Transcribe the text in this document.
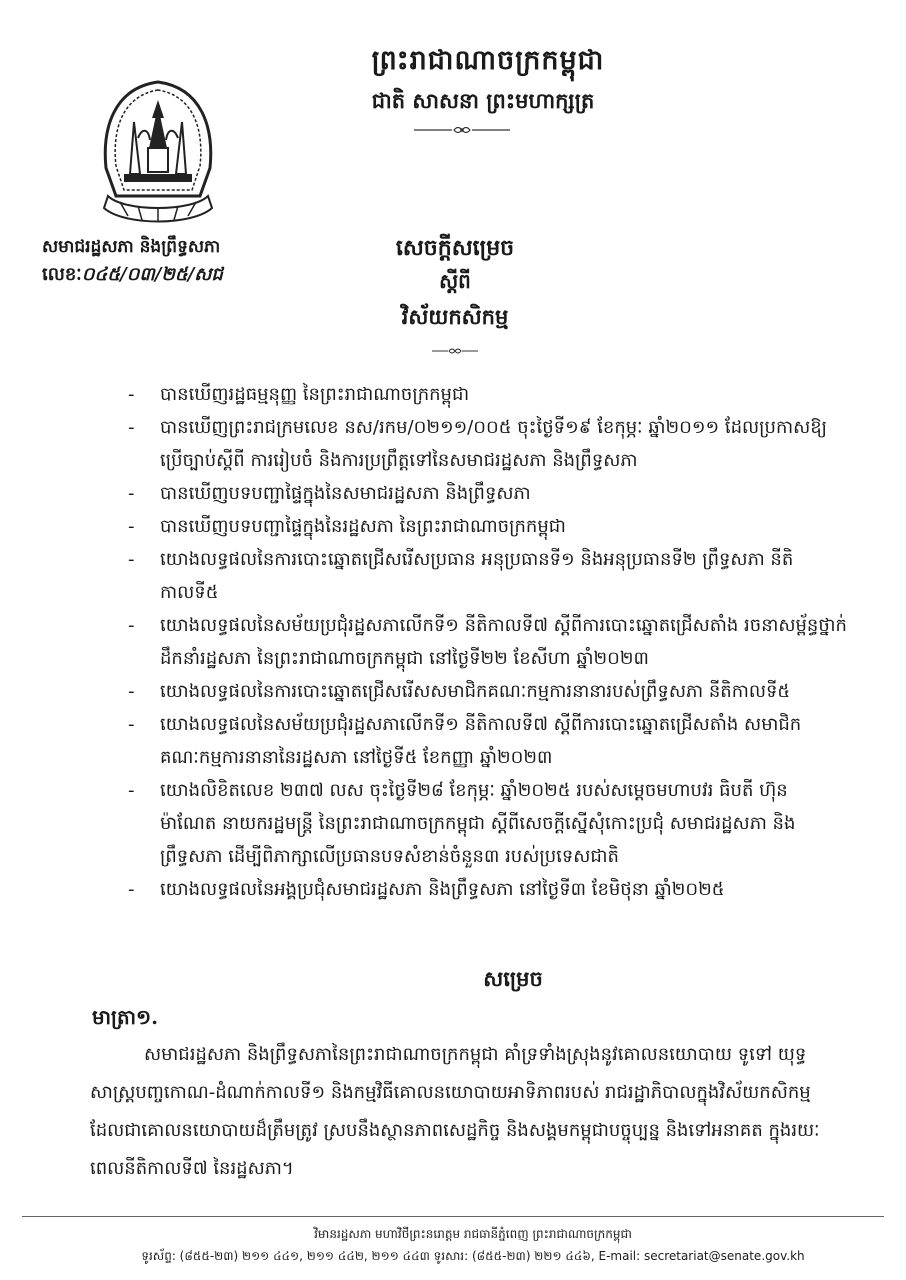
ព្រះរាជាណាចក្រកម្ពុជា
ជាតិ សាសនា ព្រះមហាក្សត្រ
សមាជរដ្ឋសភា និងព្រឹទ្ធសភា
លេខៈ០៤៥/០៣/២៥/សជ
សេចក្ដីសម្រេច
ស្ដីពី
វិស័យកសិកម្ម
- បានឃើញរដ្ឋធម្មនុញ្ញ នៃព្រះរាជាណាចក្រកម្ពុជា
- បានឃើញព្រះរាជក្រមលេខ នស/រកម/០២១១/០០៥ ចុះថ្ងៃទី១៩ ខែកុម្ភៈ ឆ្នាំ២០១១ ដែលប្រកាសឱ្យប្រើច្បាប់ស្ដីពី ការរៀបចំ និងការប្រព្រឹត្តទៅនៃសមាជរដ្ឋសភា និងព្រឹទ្ធសភា
- បានឃើញបទបញ្ជាផ្ទៃក្នុងនៃសមាជរដ្ឋសភា និងព្រឹទ្ធសភា
- បានឃើញបទបញ្ជាផ្ទៃក្នុងនៃរដ្ឋសភា នៃព្រះរាជាណាចក្រកម្ពុជា
- យោងលទ្ធផលនៃការបោះឆ្នោតជ្រើសរើសប្រធាន អនុប្រធានទី១ និងអនុប្រធានទី២ ព្រឹទ្ធសភា នីតិកាលទី៥
- យោងលទ្ធផលនៃសម័យប្រជុំរដ្ឋសភាលើកទី១ នីតិកាលទី៧ ស្ដីពីការបោះឆ្នោតជ្រើសតាំង រចនាសម្ព័ន្ធថ្នាក់ដឹកនាំរដ្ឋសភា នៃព្រះរាជាណាចក្រកម្ពុជា នៅថ្ងៃទី២២ ខែសីហា ឆ្នាំ២០២៣
- យោងលទ្ធផលនៃការបោះឆ្នោតជ្រើសរើសសមាជិកគណៈកម្មការនានារបស់ព្រឹទ្ធសភា នីតិកាលទី៥
- យោងលទ្ធផលនៃសម័យប្រជុំរដ្ឋសភាលើកទី១ នីតិកាលទី៧ ស្ដីពីការបោះឆ្នោតជ្រើសតាំង សមាជិកគណៈកម្មការនានានៃរដ្ឋសភា នៅថ្ងៃទី៥ ខែកញ្ញា ឆ្នាំ២០២៣
- យោងលិខិតលេខ ២៣៧ លស ចុះថ្ងៃទី២៨ ខែកុម្ភៈ ឆ្នាំ២០២៥ របស់សម្ដេចមហាបវរ ធិបតី ហ៊ុន ម៉ាណែត នាយករដ្ឋមន្ត្រី នៃព្រះរាជាណាចក្រកម្ពុជា ស្ដីពីសេចក្ដីស្នើសុំកោះប្រជុំ សមាជរដ្ឋសភា និងព្រឹទ្ធសភា ដើម្បីពិភាក្សាលើប្រធានបទសំខាន់ចំនួន៣ របស់ប្រទេសជាតិ
- យោងលទ្ធផលនៃអង្គប្រជុំសមាជរដ្ឋសភា និងព្រឹទ្ធសភា នៅថ្ងៃទី៣ ខែមិថុនា ឆ្នាំ២០២៥
សម្រេច
មាត្រា១.

សមាជរដ្ឋសភា និងព្រឹទ្ធសភានៃព្រះរាជាណាចក្រកម្ពុជា គាំទ្រទាំងស្រុងនូវគោលនយោបាយ ទូទៅ យុទ្ធសាស្ត្របញ្ចកោណ-ដំណាក់កាលទី១ និងកម្មវិធីគោលនយោបាយអាទិភាពរបស់ រាជរដ្ឋាភិបាលក្នុងវិស័យកសិកម្មដែលជាគោលនយោបាយដ៏ត្រឹមត្រូវ ស្របនឹងស្ថានភាពសេដ្ឋកិច្ច និងសង្គមកម្ពុជាបច្ចុប្បន្ន និងទៅអនាគត ក្នុងរយៈពេលនីតិកាលទី៧ នៃរដ្ឋសភា។

វិមានរដ្ឋសភា មហាវិថីព្រះនរោត្តម រាជធានីភ្នំពេញ ព្រះរាជាណាចក្រកម្ពុជា
ទូរស័ព្ទ: (៨៥៥-២៣) ២១១ ៤៤១, ២១១ ៤៤២, ២១១ ៤៤៣ ទូរសារ: (៨៥៥-២៣) ២២១ ៤៤៦, E-mail: secretariat@senate.gov.kh
